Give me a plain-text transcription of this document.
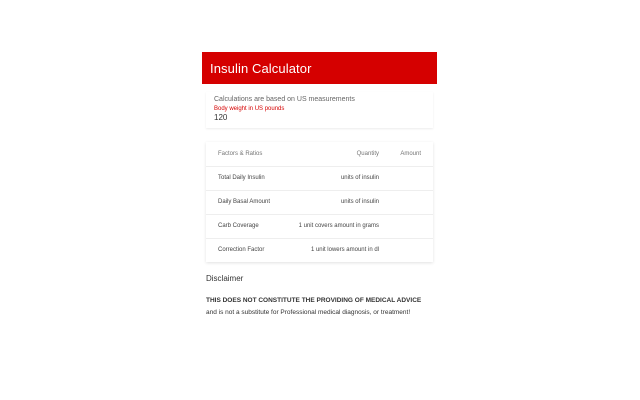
Insulin Calculator
Calculations are based on US measurements
Body weight in US pounds
120
Factors & Ratios	Quantity	Amount
Total Daily Insulin	units of insulin	
Daily Basal Amount	units of insulin	
Carb Coverage	1 unit covers amount in grams	
Correction Factor	1 unit lowers amount in dl	
Disclaimer
THIS DOES NOT CONSTITUTE THE PROVIDING OF MEDICAL ADVICE and is not a substitute for Professional medical diagnosis, or treatment!
